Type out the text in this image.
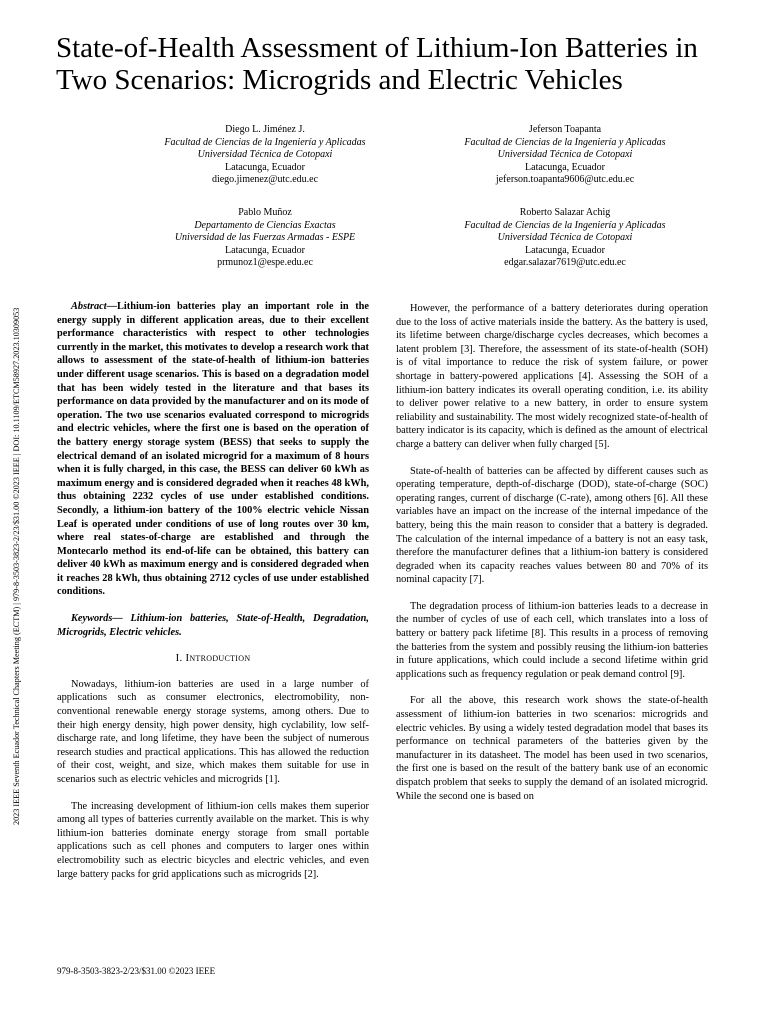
2023 IEEE Seventh Ecuador Technical Chapters Meeting (ECTM) | 979-8-3503-3823-2/23/$31.00 ©2023 IEEE | DOI: 10.1109/ETCM58927.2023.10309053
State-of-Health Assessment of Lithium-Ion Batteries in Two Scenarios: Microgrids and Electric Vehicles
Diego L. Jiménez J.
Facultad de Ciencias de la Ingeniería y Aplicadas
Universidad Técnica de Cotopaxi
Latacunga, Ecuador
diego.jimenez@utc.edu.ec
Jeferson Toapanta
Facultad de Ciencias de la Ingeniería y Aplicadas
Universidad Técnica de Cotopaxi
Latacunga, Ecuador
jeferson.toapanta9606@utc.edu.ec
Pablo Muñoz
Departamento de Ciencias Exactas
Universidad de las Fuerzas Armadas - ESPE
Latacunga, Ecuador
prmunoz1@espe.edu.ec
Roberto Salazar Achig
Facultad de Ciencias de la Ingeniería y Aplicadas
Universidad Técnica de Cotopaxi
Latacunga, Ecuador
edgar.salazar7619@utc.edu.ec

Abstract—Lithium-ion batteries play an important role in the energy supply in different application areas, due to their excellent performance characteristics with respect to other technologies currently in the market, this motivates to develop a research work that allows to assessment of the state-of-health of lithium-ion batteries under different usage scenarios. This is based on a degradation model that has been widely tested in the literature and that bases its performance on data provided by the manufacturer and on its mode of operation. The two use scenarios evaluated correspond to microgrids and electric vehicles, where the first one is based on the operation of the battery energy storage system (BESS) that seeks to supply the electrical demand of an isolated microgrid for a maximum of 8 hours when it is fully charged, in this case, the BESS can deliver 60 kWh as maximum energy and is considered degraded when it reaches 48 kWh, thus obtaining 2232 cycles of use under established conditions. Secondly, a lithium-ion battery of the 100% electric vehicle Nissan Leaf is operated under conditions of use of long routes over 30 km, where real states-of-charge are established and through the Montecarlo method its end-of-life can be obtained, this battery can deliver 40 kWh as maximum energy and is considered degraded when it reaches 28 kWh, thus obtaining 2712 cycles of use under established conditions.

Keywords— Lithium-ion batteries, State-of-Health, Degradation, Microgrids, Electric vehicles.

I. Introduction

Nowadays, lithium-ion batteries are used in a large number of applications such as consumer electronics, electromobility, non-conventional renewable energy storage systems, among others. Due to their high energy density, high power density, high cyclability, low self-discharge rate, and long lifetime, they have been the subject of numerous research studies and practical applications. This has allowed the reduction of their cost, weight, and size, which makes them suitable for use in scenarios such as electric vehicles and microgrids [1].

The increasing development of lithium-ion cells makes them superior among all types of batteries currently available on the market. This is why lithium-ion batteries dominate energy storage from small portable applications such as cell phones and computers to larger ones within electromobility such as electric bicycles and electric vehicles, and even large battery packs for grid applications such as microgrids [2].

However, the performance of a battery deteriorates during operation due to the loss of active materials inside the battery. As the battery is used, its lifetime between charge/discharge cycles decreases, which becomes a latent problem [3]. Therefore, the assessment of its state-of-health (SOH) is of vital importance to reduce the risk of system failure, or power shortage in battery-powered applications [4]. Assessing the SOH of a lithium-ion battery indicates its overall operating condition, i.e. its ability to deliver power relative to a new battery, in order to ensure system reliability and sustainability. The most widely recognized state-of-health of battery indicator is its capacity, which is defined as the amount of electrical charge a battery can deliver when fully charged [5].

State-of-health of batteries can be affected by different causes such as operating temperature, depth-of-discharge (DOD), state-of-charge (SOC) operating ranges, current of discharge (C-rate), among others [6]. All these variables have an impact on the increase of the internal impedance of the battery, being this the main reason to consider that a battery is degraded. The calculation of the internal impedance of a battery is not an easy task, therefore the manufacturer defines that a lithium-ion battery is considered degraded when its capacity reaches values between 80 and 70% of its nominal capacity [7].

The degradation process of lithium-ion batteries leads to a decrease in the number of cycles of use of each cell, which translates into a loss of battery or battery pack lifetime [8]. This results in a process of removing the batteries from the system and possibly reusing the lithium-ion batteries in future applications, which could include a second lifetime within grid applications such as frequency regulation or peak demand control [9].

For all the above, this research work shows the state-of-health assessment of lithium-ion batteries in two scenarios: microgrids and electric vehicles. By using a widely tested degradation model that bases its performance on technical parameters of the batteries given by the manufacturer in its datasheet. The model has been used in two scenarios, the first one is based on the result of the battery bank use of an economic dispatch problem that seeks to supply the demand of an isolated microgrid. While the second one is based on

979-8-3503-3823-2/23/$31.00 ©2023 IEEE
